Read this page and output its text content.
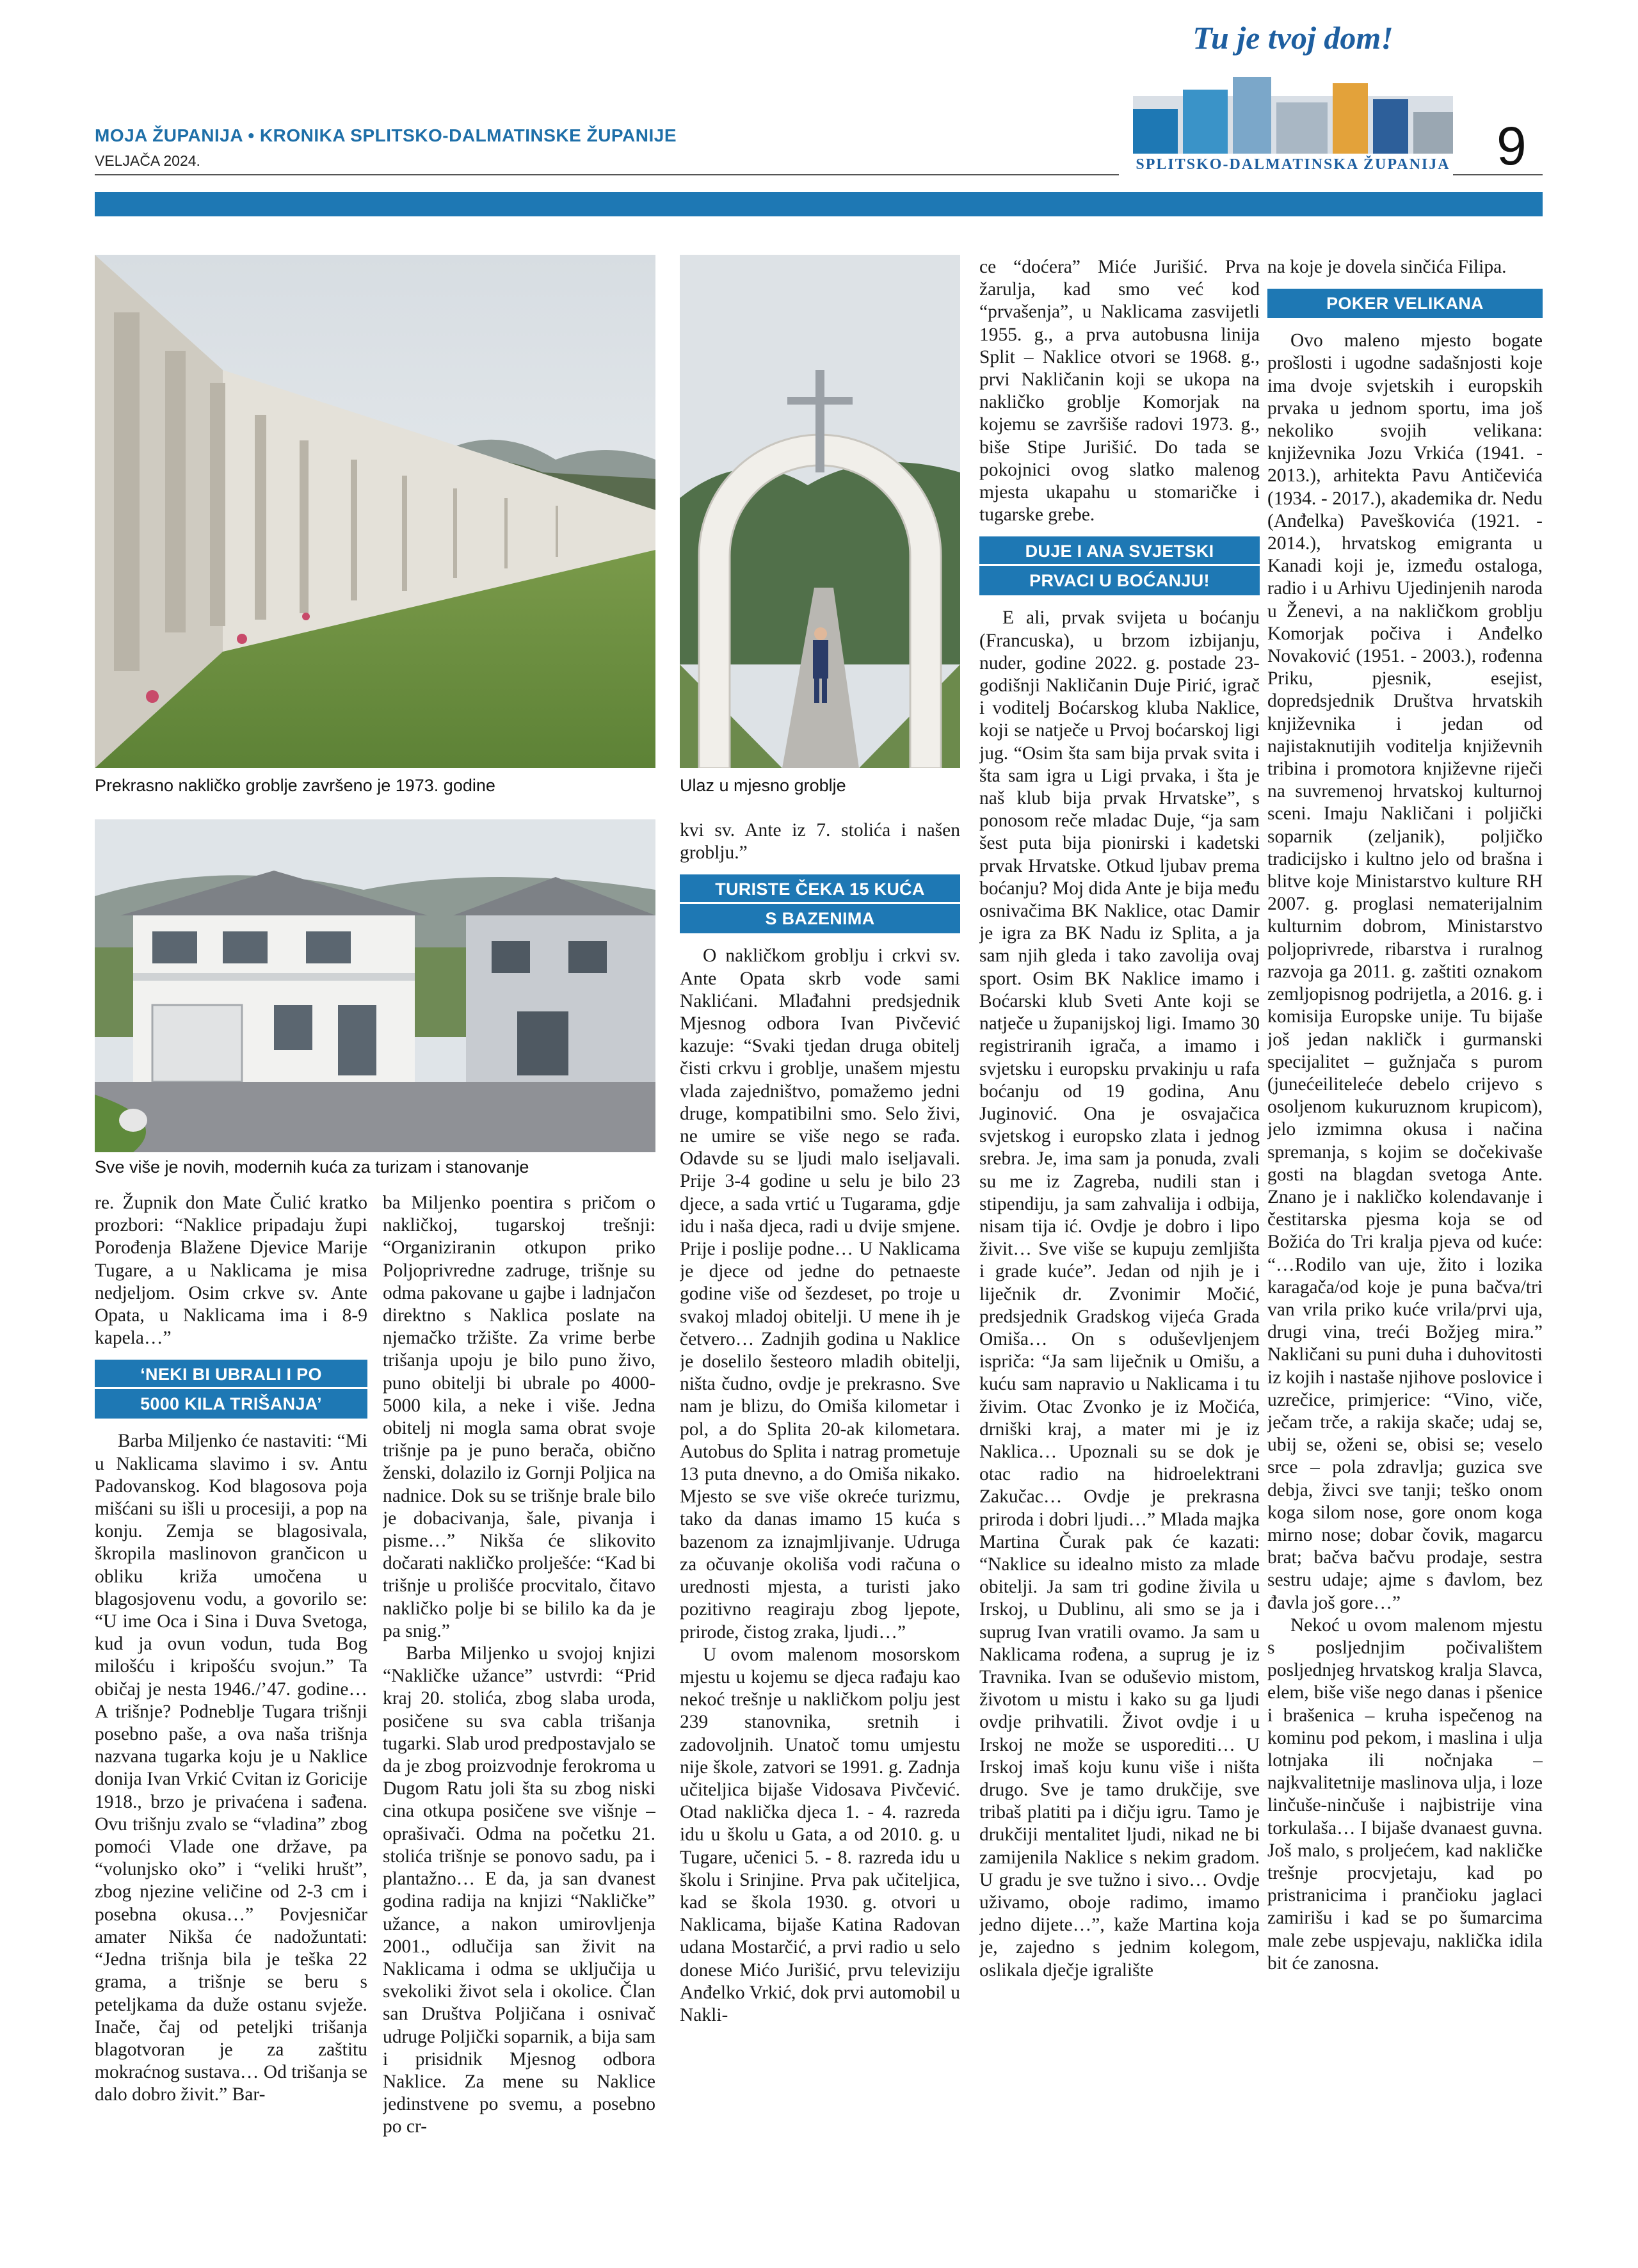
MOJA ŽUPANIJA • KRONIKA SPLITSKO-DALMATINSKE ŽUPANIJE
VELJAČA 2024.	9
Tu je tvoj dom!
SPLITSKO-DALMATINSKA ŽUPANIJA
Prekrasno nakličko groblje završeno je 1973. godine
Sve više je novih, modernih kuća za turizam i stanovanje
Ulaz u mjesno groblje

re. Župnik don Mate Čulić kratko prozbori: “Naklice pripadaju župi Porođenja Blažene Djevice Marije Tugare, a u Naklicama je misa nedjeljom. Osim crkve sv. Ante Opata, u Naklicama ima i 8-9 kapela…”

‘NEKI BI UBRALI I PO
5000 KILA TRIŠANJA’

Barba Miljenko će nastaviti: “Mi u Naklicama slavimo i sv. Antu Padovanskog. Kod blagosova poja mišćani su išli u procesiji, a pop na konju. Zemja se blagosivala, škropila maslinovon grančicon u obliku križa umočena u blagosjovenu vodu, a govorilo se: “U ime Oca i Sina i Duva Svetoga, kud ja ovun vodun, tuda Bog milošću i kripošću svojun.” Ta običaj je nesta 1946./’47. godine… A trišnje? Podneblje Tugara trišnji posebno paše, a ova naša trišnja nazvana tugarka koju je u Naklice donija Ivan Vrkić Cvitan iz Goricije 1918., brzo je privaćena i sađena. Ovu trišnju zvalo se “vladina” zbog pomoći Vlade one države, pa “volunjsko oko” i “veliki hrušt”, zbog njezine veličine od 2-3 cm i posebna okusa…” Povjesničar amater Nikša će nadožuntati: “Jedna trišnja bila je teška 22 grama, a trišnje se beru s peteljkama da duže ostanu svježe. Inače, čaj od peteljki trišanja blagotvoran je za zaštitu mokraćnog sustava… Od trišanja se dalo dobro živit.” Bar-

ba Miljenko poentira s pričom o nakličkoj, tugarskoj trešnji: “Organiziranin otkupon priko Poljoprivredne zadruge, trišnje su odma pakovane u gajbe i ladnjačon direktno s Naklica poslate na njemačko tržište. Za vrime berbe trišanja upoju je bilo puno živo, puno obitelji bi ubrale po 4000-5000 kila, a neke i više. Jedna obitelj ni mogla sama obrat svoje trišnje pa je puno berača, obično ženski, dolazilo iz Gornji Poljica na nadnice. Dok su se trišnje brale bilo je dobacivanja, šale, pivanja i pisme…” Nikša će slikovito dočarati nakličko prolješće: “Kad bi trišnje u prolišće procvitalo, čitavo nakličko polje bi se bililo ka da je pa snig.”

Barba Miljenko u svojoj knjizi “Nakličke užance” ustvrdi: “Prid kraj 20. stolića, zbog slaba uroda, posičene su sva cabla trišanja tugarki. Slab urod predpostavjalo se da je zbog proizvodnje ferokroma u Dugom Ratu joli šta su zbog niski cina otkupa posičene sve višnje – oprašivači. Odma na početku 21. stolića trišnje se ponovo sadu, pa i plantažno… E da, ja san dvanest godina radija na knjizi “Nakličke” užance, a nakon umirovljenja 2001., odlučija san živit na Naklicama i odma se uključija u svekoliki život sela i okolice. Član san Društva Poljičana i osnivač udruge Poljički soparnik, a bija sam i prisidnik Mjesnog odbora Naklice. Za mene su Naklice jedinstvene po svemu, a posebno po cr-

kvi sv. Ante iz 7. stolića i našen groblju.”

TURISTE ČEKA 15 KUĆA
S BAZENIMA

O nakličkom groblju i crkvi sv. Ante Opata skrb vode sami Naklićani. Mlađahni predsjednik Mjesnog odbora Ivan Pivčević kazuje: “Svaki tjedan druga obitelj čisti crkvu i groblje, unašem mjestu vlada zajedništvo, pomažemo jedni druge, kompatibilni smo. Selo živi, ne umire se više nego se rađa. Odavde su se ljudi malo iseljavali. Prije 3-4 godine u selu je bilo 23 djece, a sada vrtić u Tugarama, gdje idu i naša djeca, radi u dvije smjene. Prije i poslije podne… U Naklicama je djece od jedne do petnaeste godine više od šezdeset, po troje u svakoj mladoj obitelji. U mene ih je četvero… Zadnjih godina u Naklice je doselilo šesteoro mladih obitelji, ništa čudno, ovdje je prekrasno. Sve nam je blizu, do Omiša kilometar i pol, a do Splita 20-ak kilometara. Autobus do Splita i natrag prometuje 13 puta dnevno, a do Omiša nikako. Mjesto se sve više okreće turizmu, tako da danas imamo 15 kuća s bazenom za iznajmljivanje. Udruga za očuvanje okoliša vodi računa o urednosti mjesta, a turisti jako pozitivno reagiraju zbog ljepote, prirode, čistog zraka, ljudi…”

U ovom malenom mosorskom mjestu u kojemu se djeca rađaju kao nekoć trešnje u nakličkom polju jest 239 stanovnika, sretnih i zadovoljnih. Unatoč tomu umjestu nije škole, zatvori se 1991. g. Zadnja učiteljica bijaše Vidosava Pivčević. Otad naklička djeca 1. - 4. razreda idu u školu u Gata, a od 2010. g. u Tugare, učenici 5. - 8. razreda idu u školu i Srinjine. Prva pak učiteljica, kad se škola 1930. g. otvori u Naklicama, bijaše Katina Radovan udana Mostarčić, a prvi radio u selo donese Mićo Jurišić, prvu televiziju Anđelko Vrkić, dok prvi automobil u Nakli-

ce “doćera” Miće Jurišić. Prva žarulja, kad smo već kod “prvašenja”, u Naklicama zasvijetli 1955. g., a prva autobusna linija Split – Naklice otvori se 1968. g., prvi Nakličanin koji se ukopa na nakličko groblje Komorjak na kojemu se završiše radovi 1973. g., biše Stipe Jurišić. Do tada se pokojnici ovog slatko malenog mjesta ukapahu u stomaričke i tugarske grebe.

DUJE I ANA SVJETSKI
PRVACI U BOĆANJU!

E ali, prvak svijeta u boćanju (Francuska), u brzom izbijanju, nuder, godine 2022. g. postade 23-godišnji Nakličanin Duje Pirić, igrač i voditelj Boćarskog kluba Naklice, koji se natječe u Prvoj boćarskoj ligi jug. “Osim šta sam bija prvak svita i šta sam igra u Ligi prvaka, i šta je naš klub bija prvak Hrvatske”, s ponosom reče mladac Duje, “ja sam šest puta bija pionirski i kadetski prvak Hrvatske. Otkud ljubav prema boćanju? Moj dida Ante je bija među osnivačima BK Naklice, otac Damir je igra za BK Nadu iz Splita, a ja sam njih gleda i tako zavolija ovaj sport. Osim BK Naklice imamo i Boćarski klub Sveti Ante koji se natječe u županijskoj ligi. Imamo 30 registriranih igrača, a imamo i svjetsku i europsku prvakinju u rafa boćanju od 19 godina, Anu Juginović. Ona je osvajačica svjetskog i europsko zlata i jednog srebra. Je, ima sam ja ponuda, zvali su me iz Zagreba, nudili stan i stipendiju, ja sam zahvalija i odbija, nisam tija ić. Ovdje je dobro i lipo živit… Sve više se kupuju zemljišta i grade kuće”. Jedan od njih je i liječnik dr. Zvonimir Močić, predsjednik Gradskog vijeća Grada Omiša… On s oduševljenjem ispriča: “Ja sam liječnik u Omišu, a kuću sam napravio u Naklicama i tu živim. Otac Zvonko je iz Močića, drniški kraj, a mater mi je iz Naklica… Upoznali su se dok je otac radio na hidroelektrani Zakučac… Ovdje je prekrasna priroda i dobri ljudi…” Mlada majka Martina Čurak pak će kazati: “Naklice su idealno misto za mlade obitelji. Ja sam tri godine živila u Irskoj, u Dublinu, ali smo se ja i suprug Ivan vratili ovamo. Ja sam u Naklicama rođena, a suprug je iz Travnika. Ivan se oduševio mistom, životom u mistu i kako su ga ljudi ovdje prihvatili. Život ovdje i u Irskoj ne može se usporediti… U Irskoj imaš koju kunu više i ništa drugo. Sve je tamo drukčije, sve tribaš platiti pa i dičju igru. Tamo je drukčiji mentalitet ljudi, nikad ne bi zamijenila Naklice s nekim gradom. U gradu je sve tužno i sivo… Ovdje uživamo, oboje radimo, imamo jedno dijete…”, kaže Martina koja je, zajedno s jednim kolegom, oslikala dječje igralište

na koje je dovela sinčića Filipa.

POKER VELIKANA

Ovo maleno mjesto bogate prošlosti i ugodne sadašnjosti koje ima dvoje svjetskih i europskih prvaka u jednom sportu, ima još nekoliko svojih velikana: književnika Jozu Vrkića (1941. - 2013.), arhitekta Pavu Antičevića (1934. - 2017.), akademika dr. Nedu (Anđelka) Paveškovića (1921. - 2014.), hrvatskog emigranta u Kanadi koji je, između ostaloga, radio i u Arhivu Ujedinjenih naroda u Ženevi, a na nakličkom groblju Komorjak počiva i Anđelko Novaković (1951. - 2003.), rođenna Priku, pjesnik, esejist, dopredsjednik Društva hrvatskih književnika i jedan od najistaknutijih voditelja književnih tribina i promotora književne riječi na suvremenoj hrvatskoj kulturnoj sceni. Imaju Nakličani i poljički soparnik (zeljanik), poljičko tradicijsko i kultno jelo od brašna i blitve koje Ministarstvo kulture RH 2007. g. proglasi nematerijalnim kulturnim dobrom, Ministarstvo poljoprivrede, ribarstva i ruralnog razvoja ga 2011. g. zaštiti oznakom zemljopisnog podrijetla, a 2016. g. i komisija Europske unije. Tu bijaše još jedan nakličk i gurmanski specijalitet – gužnjača s purom (junećeiliteleće debelo crijevo s osoljenom kukuruznom krupicom), jelo izmimna okusa i načina spremanja, s kojim se dočekivaše gosti na blagdan svetoga Ante. Znano je i nakličko kolendavanje i čestitarska pjesma koja se od Božića do Tri kralja pjeva od kuće: “…Rodilo van uje, žito i lozika karagača/od koje je puna bačva/tri van vrila priko kuće vrila/prvi uja, drugi vina, treći Božjeg mira.” Nakličani su puni duha i duhovitosti iz kojih i nastaše njihove poslovice i uzrečice, primjerice: “Vino, viče, ječam trče, a rakija skače; udaj se, ubij se, oženi se, obisi se; veselo srce – pola zdravlja; guzica sve debja, živci sve tanji; teško onom koga silom nose, gore onom koga mirno nose; dobar čovik, magarcu brat; bačva bačvu prodaje, sestra sestru udaje; ajme s đavlom, bez đavla još gore…”

Nekoć u ovom malenom mjestu s posljednjim počivalištem posljednjeg hrvatskog kralja Slavca, elem, biše više nego danas i pšenice i brašenica – kruha ispečenog na kominu pod pekom, i maslina i ulja lotnjaka ili nočnjaka – najkvalitetnije maslinova ulja, i loze linčuše-ninčuše i najbistrije vina torkulaša… I bijaše dvanaest guvna. Još malo, s proljećem, kad nakličke trešnje procvjetaju, kad po pristranicima i prančioku jaglaci zamirišu i kad se po šumarcima male zebe uspjevaju, naklička idila bit će zanosna.
